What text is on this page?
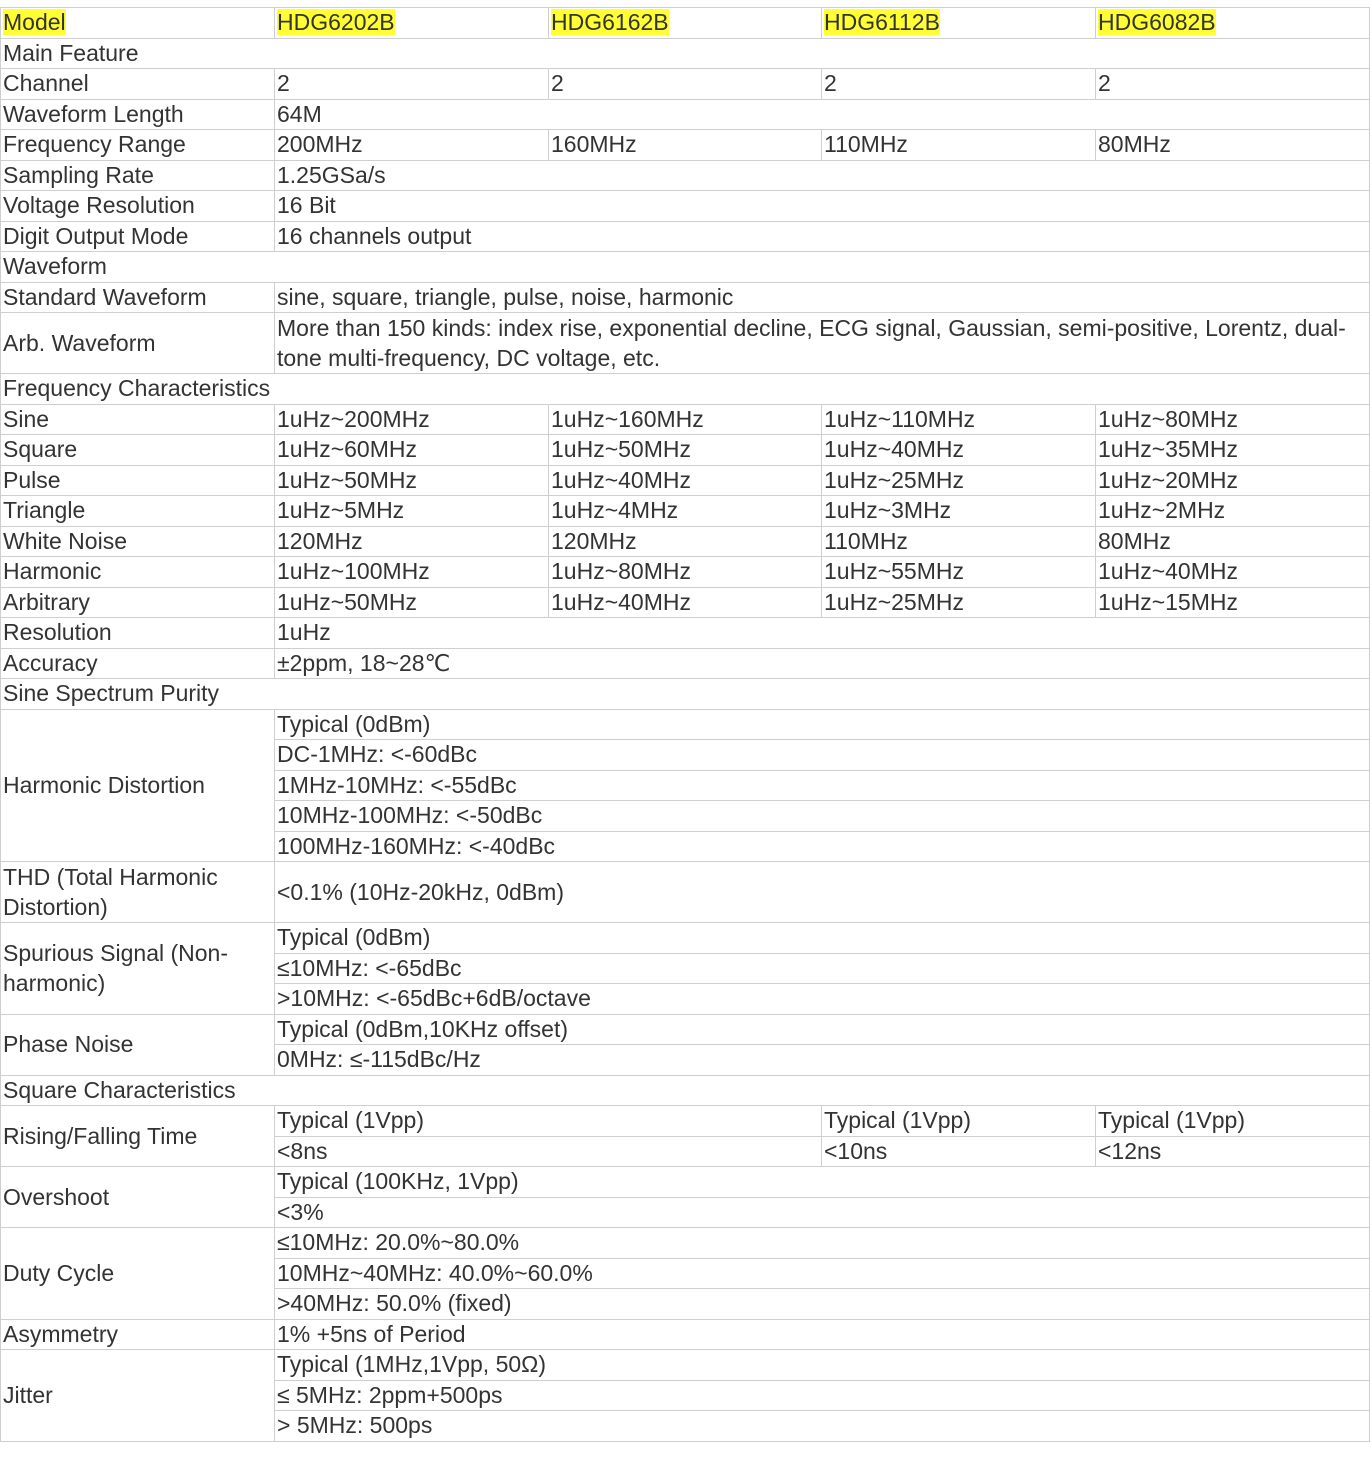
Model	HDG6202B	HDG6162B	HDG6112B	HDG6082B
Main Feature				
Channel	2	2	2	2
Waveform Length	64M			
Frequency Range	200MHz	160MHz	110MHz	80MHz
Sampling Rate	1.25GSa/s			
Voltage Resolution	16 Bit			
Digit Output Mode	16 channels output			
Waveform				
Standard Waveform	sine, square, triangle, pulse, noise, harmonic			
Arb. Waveform	More than 150 kinds: index rise, exponential decline, ECG signal, Gaussian, semi-positive, Lorentz, dual-tone multi-frequency, DC voltage, etc.			
Frequency Characteristics				
Sine	1uHz~200MHz	1uHz~160MHz	1uHz~110MHz	1uHz~80MHz
Square	1uHz~60MHz	1uHz~50MHz	1uHz~40MHz	1uHz~35MHz
Pulse	1uHz~50MHz	1uHz~40MHz	1uHz~25MHz	1uHz~20MHz
Triangle	1uHz~5MHz	1uHz~4MHz	1uHz~3MHz	1uHz~2MHz
White Noise	120MHz	120MHz	110MHz	80MHz
Harmonic	1uHz~100MHz	1uHz~80MHz	1uHz~55MHz	1uHz~40MHz
Arbitrary	1uHz~50MHz	1uHz~40MHz	1uHz~25MHz	1uHz~15MHz
Resolution	1uHz			
Accuracy	±2ppm, 18~28℃			
Sine Spectrum Purity				
Harmonic Distortion	Typical (0dBm)			
	DC-1MHz: <-60dBc			
	1MHz-10MHz: <-55dBc			
	10MHz-100MHz: <-50dBc			
	100MHz-160MHz: <-40dBc			
THD (Total Harmonic Distortion)	<0.1% (10Hz-20kHz, 0dBm)			
Spurious Signal (Non-harmonic)	Typical (0dBm)			
	≤10MHz: <-65dBc			
	>10MHz: <-65dBc+6dB/octave			
Phase Noise	Typical (0dBm,10KHz offset)			
	0MHz: ≤-115dBc/Hz			
Square Characteristics				
Rising/Falling Time	Typical (1Vpp)		Typical (1Vpp)	Typical (1Vpp)
	<8ns		<10ns	<12ns
Overshoot	Typical (100KHz, 1Vpp)			
	<3%			
Duty Cycle	≤10MHz: 20.0%~80.0%			
	10MHz~40MHz: 40.0%~60.0%			
	>40MHz: 50.0% (fixed)			
Asymmetry	1% +5ns of Period			
Jitter	Typical (1MHz,1Vpp, 50Ω)			
	≤ 5MHz: 2ppm+500ps			
	> 5MHz: 500ps			
